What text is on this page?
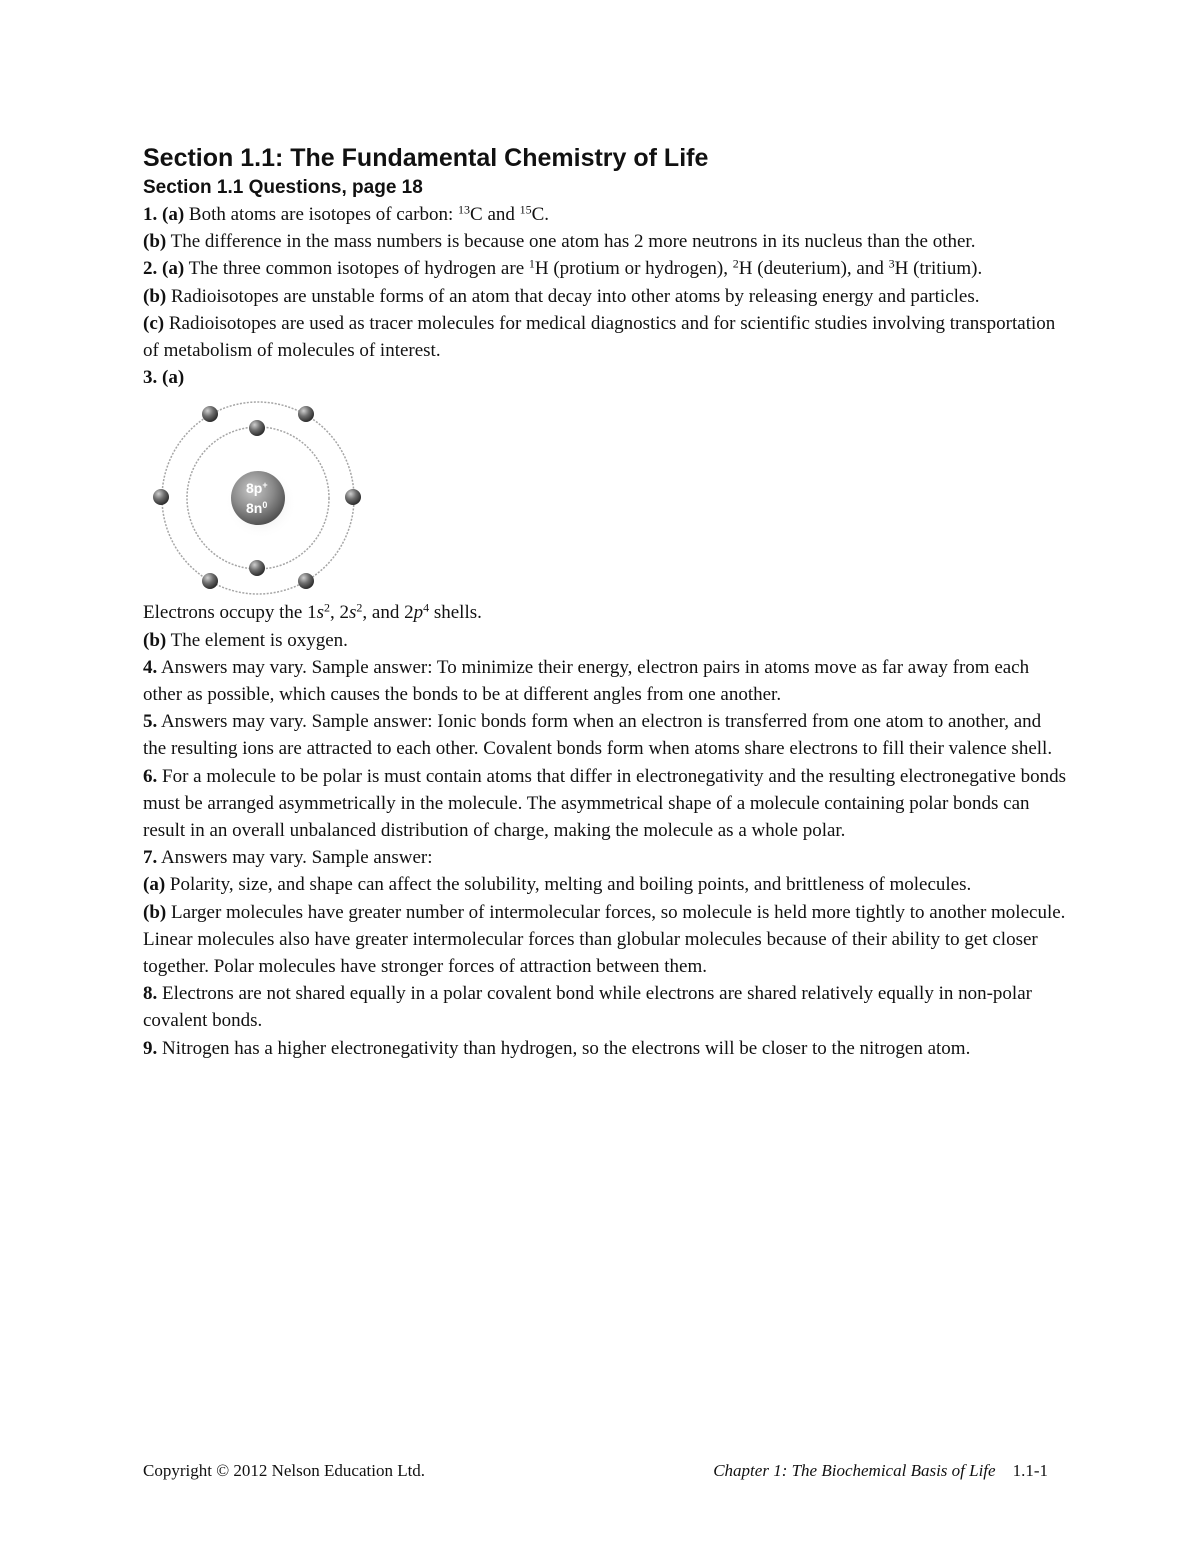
Section 1.1: The Fundamental Chemistry of Life

Section 1.1 Questions, page 18

1. (a) Both atoms are isotopes of carbon: $^{13}$C and $^{15}$C.

(b) The difference in the mass numbers is because one atom has 2 more neutrons in its nucleus than the other.

2. (a) The three common isotopes of hydrogen are $^1$H (protium or hydrogen), $^2$H (deuterium), and $^3$H (tritium).

(b) Radioisotopes are unstable forms of an atom that decay into other atoms by releasing energy and particles.

(c) Radioisotopes are used as tracer molecules for medical diagnostics and for scientific studies involving transportation of metabolism of molecules of interest.

3. (a)

8p+
$8n^0$

Electrons occupy the $1s^2$, $2s^2$, and $2p^4$ shells.

(b) The element is oxygen.

4. Answers may vary. Sample answer: To minimize their energy, electron pairs in atoms move as far away from each other as possible, which causes the bonds to be at different angles from one another.

5. Answers may vary. Sample answer: Ionic bonds form when an electron is transferred from one atom to another, and the resulting ions are attracted to each other. Covalent bonds form when atoms share electrons to fill their valence shell.

6. For a molecule to be polar is must contain atoms that differ in electronegativity and the resulting electronegative bonds must be arranged asymmetrically in the molecule. The asymmetrical shape of a molecule containing polar bonds can result in an overall unbalanced distribution of charge, making the molecule as a whole polar.

7. Answers may vary. Sample answer:

(a) Polarity, size, and shape can affect the solubility, melting and boiling points, and brittleness of molecules.

(b) Larger molecules have greater number of intermolecular forces, so molecule is held more tightly to another molecule. Linear molecules also have greater intermolecular forces than globular molecules because of their ability to get closer together. Polar molecules have stronger forces of attraction between them.

8. Electrons are not shared equally in a polar covalent bond while electrons are shared relatively equally in non-polar covalent bonds.

9. Nitrogen has a higher electronegativity than hydrogen, so the electrons will be closer to the nitrogen atom.

Copyright © 2012 Nelson Education Ltd.	Chapter 1: The Biochemical Basis of Life 1.1-1
